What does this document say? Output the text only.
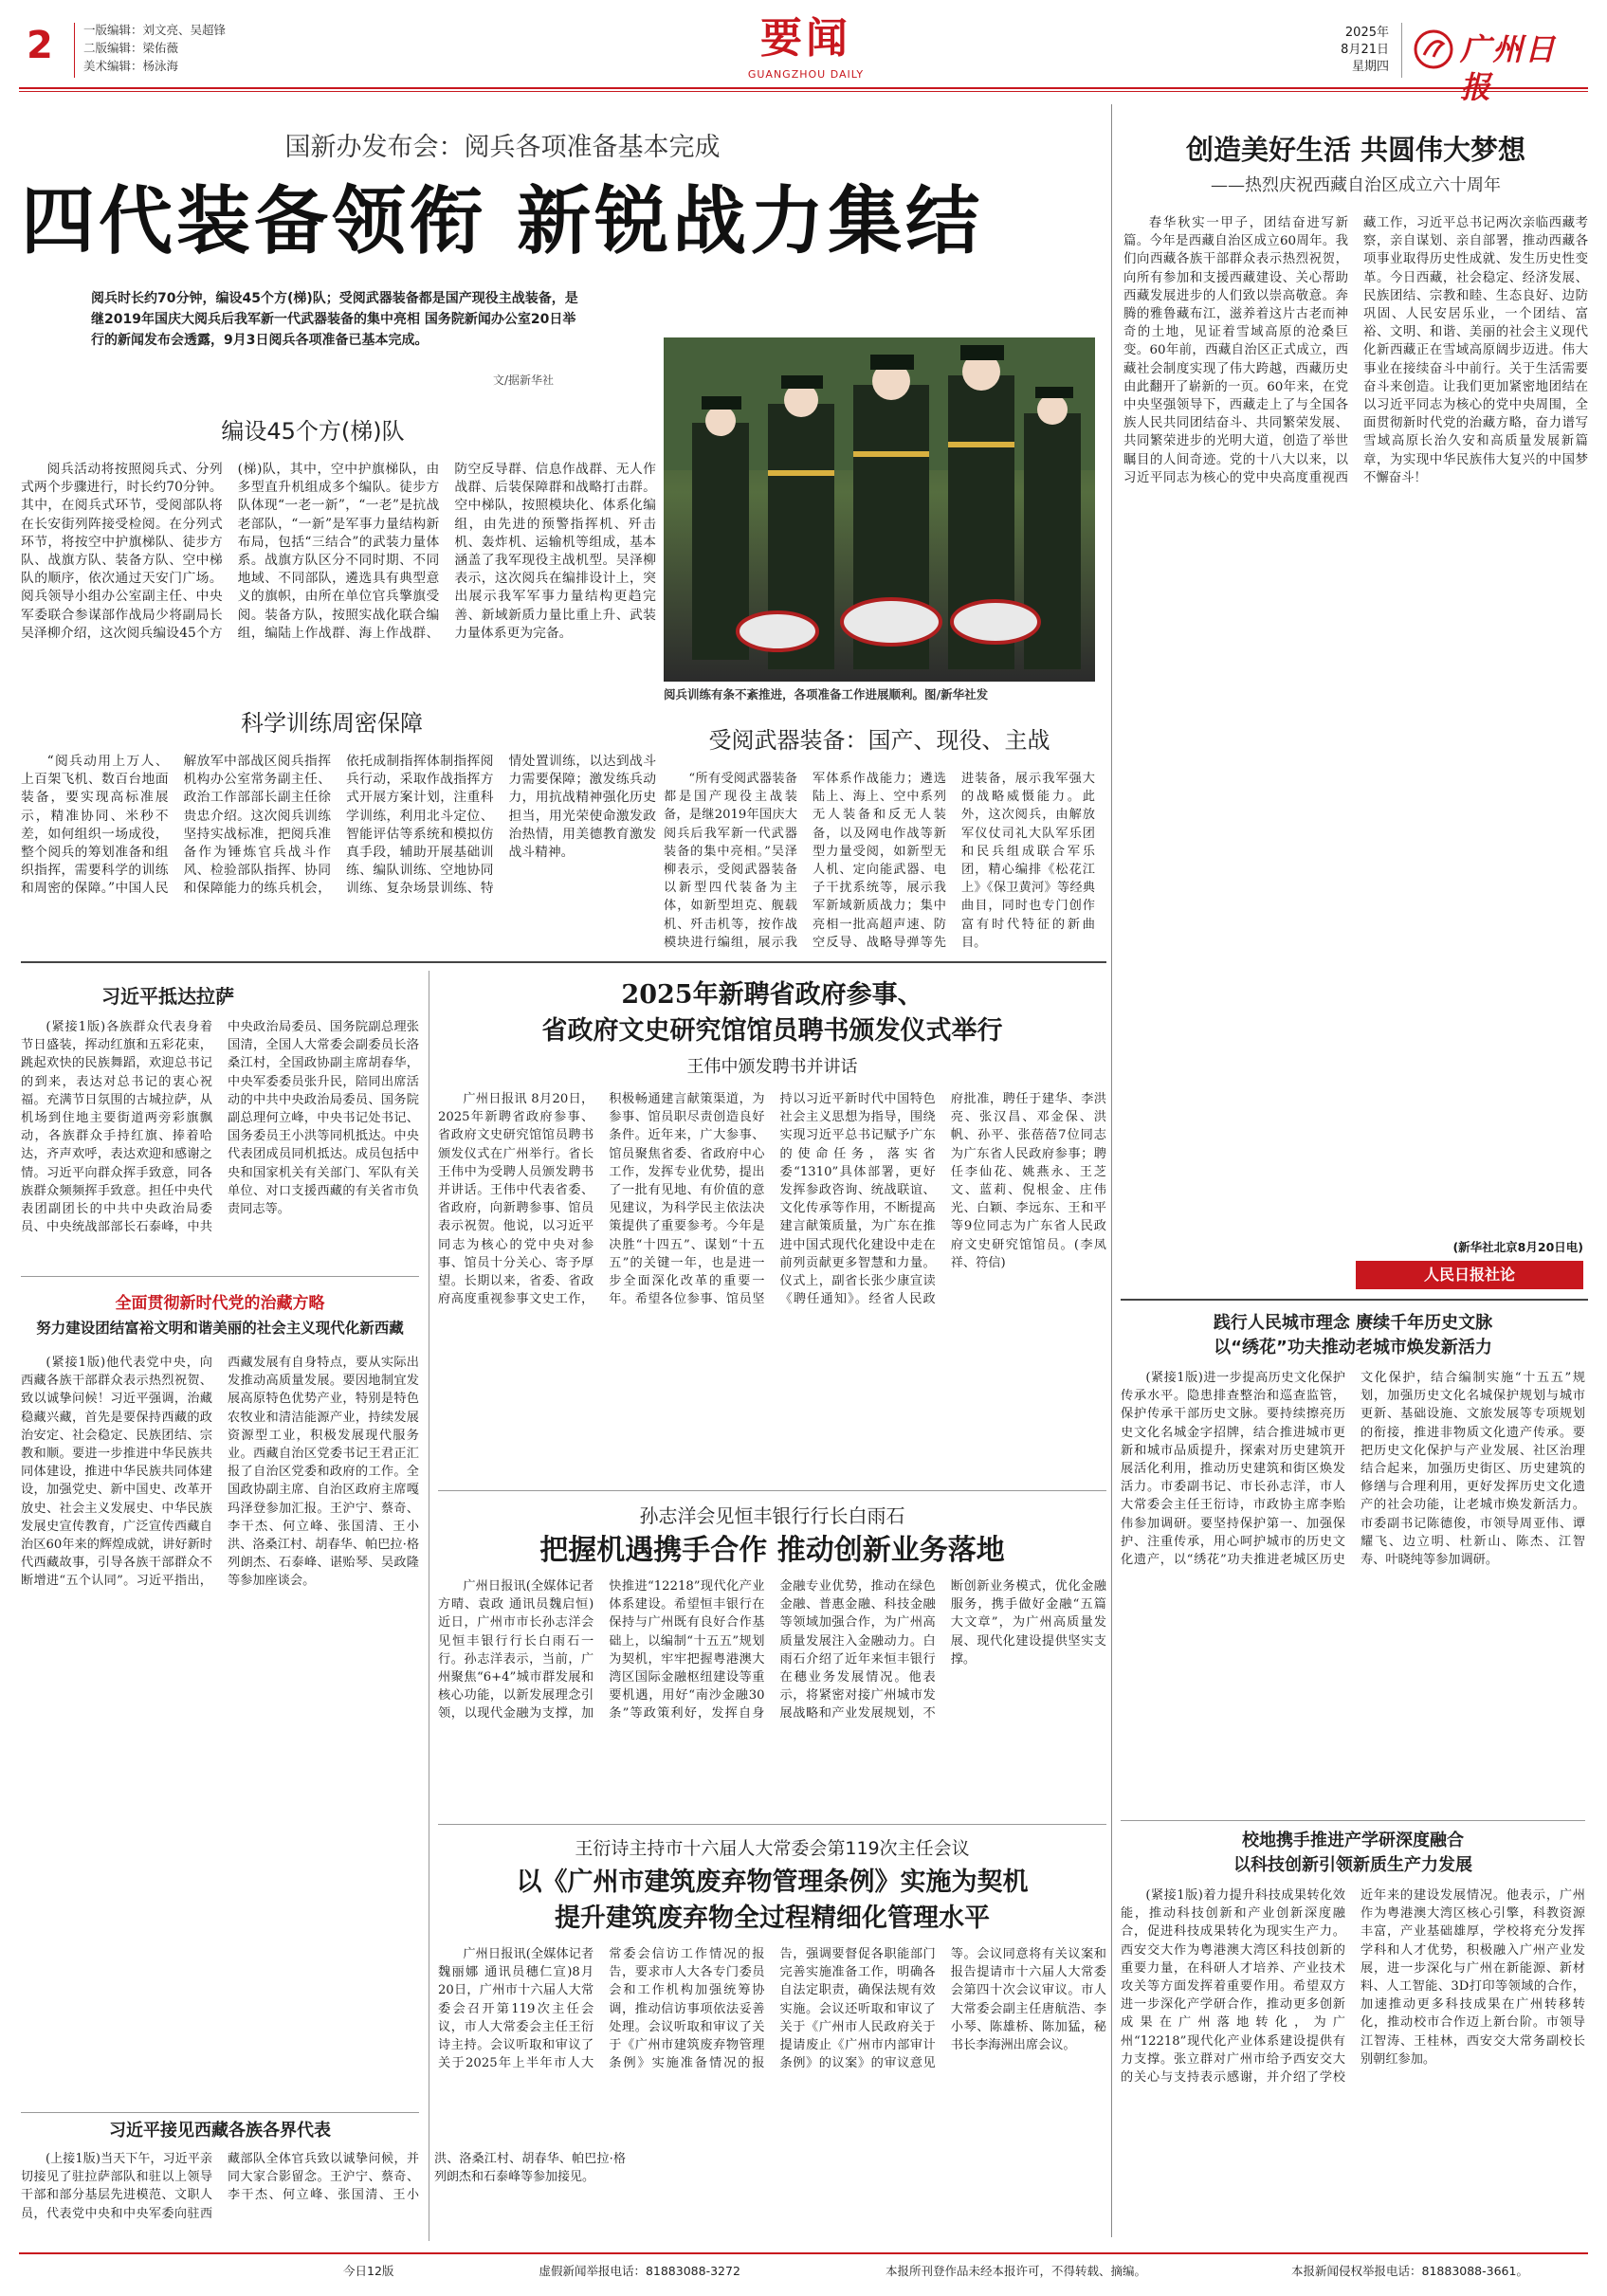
2	一版编辑：刘文亮、吴超锋
二版编辑：梁佑薇
美术编辑：杨泳海
要闻
GUANGZHOU DAILY
2025年
8月21日
星期四 广州日
国新办发布会：阅兵各项准备基本完成
四代装备领衔 新锐战力集结
阅兵时长约70分钟，编设45个方(梯)队；受阅武器装备都是国产现役主战装备，是继2019年国庆大阅兵后我军新一代武器装备的集中亮相 国务院新闻办公室20日举行的新闻发布会透露，9月3日阅兵各项准备已基本完成。
文/据新华社
阅兵训练有条不紊推进，各项准备工作进展顺利。图/新华社发
编设45个方(梯)队

阅兵活动将按照阅兵式、分列式两个步骤进行，时长约70分钟。其中，在阅兵式环节，受阅部队将在长安街列阵接受检阅。在分列式环节，将按空中护旗梯队、徒步方队、战旗方队、装备方队、空中梯队的顺序，依次通过天安门广场。阅兵领导小组办公室副主任、中央军委联合参谋部作战局少将副局长吴泽柳介绍，这次阅兵编设45个方(梯)队，其中，空中护旗梯队，由多型直升机组成多个编队。徒步方队体现“一老一新”，“一老”是抗战老部队，“一新”是军事力量结构新布局，包括“三结合”的武装力量体系。战旗方队区分不同时期、不同地域、不同部队，遴选具有典型意义的旗帜，由所在单位官兵擎旗受阅。装备方队，按照实战化联合编组，编陆上作战群、海上作战群、防空反导群、信息作战群、无人作战群、后装保障群和战略打击群。空中梯队，按照模块化、体系化编组，由先进的预警指挥机、歼击机、轰炸机、运输机等组成，基本涵盖了我军现役主战机型。吴泽柳表示，这次阅兵在编排设计上，突出展示我军军事力量结构更趋完善、新域新质力量比重上升、武装力量体系更为完备。

科学训练周密保障

“阅兵动用上万人、上百架飞机、数百台地面装备，要实现高标准展示，精准协同、米秒不差，如何组织一场成役，整个阅兵的筹划准备和组织指挥，需要科学的训练和周密的保障。”中国人民解放军中部战区阅兵指挥机构办公室常务副主任、政治工作部部长副主任徐贵忠介绍。这次阅兵训练坚持实战标准，把阅兵准备作为锤炼官兵战斗作风、检验部队指挥、协同和保障能力的练兵机会，依托成制指挥体制指挥阅兵行动，采取作战指挥方式开展方案计划，注重科学训练，利用北斗定位、智能评估等系统和模拟仿真手段，辅助开展基础训练、编队训练、空地协同训练、复杂场景训练、特情处置训练，以达到战斗力需要保障；激发练兵动力，用抗战精神强化历史担当，用光荣使命激发政治热情，用美德教育激发战斗精神。

受阅武器装备：国产、现役、主战

“所有受阅武器装备都是国产现役主战装备，是继2019年国庆大阅兵后我军新一代武器装备的集中亮相。”吴泽柳表示，受阅武器装备以新型四代装备为主体，如新型坦克、舰载机、歼击机等，按作战模块进行编组，展示我军体系作战能力；遴选陆上、海上、空中系列无人装备和反无人装备，以及网电作战等新型力量受阅，如新型无人机、定向能武器、电子干扰系统等，展示我军新域新质战力；集中亮相一批高超声速、防空反导、战略导弹等先进装备，展示我军强大的战略威慑能力。此外，这次阅兵，由解放军仪仗司礼大队军乐团和民兵组成联合军乐团，精心编排《松花江上》《保卫黄河》等经典曲目，同时也专门创作富有时代特征的新曲目。

创造美好生活 共圆伟大梦想
——热烈庆祝西藏自治区成立六十周年

春华秋实一甲子，团结奋进写新篇。今年是西藏自治区成立60周年。我们向西藏各族干部群众表示热烈祝贺，向所有参加和支援西藏建设、关心帮助西藏发展进步的人们致以崇高敬意。奔腾的雅鲁藏布江，滋养着这片古老而神奇的土地，见证着雪域高原的沧桑巨变。60年前，西藏自治区正式成立，西藏社会制度实现了伟大跨越，西藏历史由此翻开了崭新的一页。60年来，在党中央坚强领导下，西藏走上了与全国各族人民共同团结奋斗、共同繁荣发展、共同繁荣进步的光明大道，创造了举世瞩目的人间奇迹。党的十八大以来，以习近平同志为核心的党中央高度重视西藏工作，习近平总书记两次亲临西藏考察，亲自谋划、亲自部署，推动西藏各项事业取得历史性成就、发生历史性变革。今日西藏，社会稳定、经济发展、民族团结、宗教和睦、生态良好、边防巩固、人民安居乐业，一个团结、富裕、文明、和谐、美丽的社会主义现代化新西藏正在雪域高原阔步迈进。伟大事业在接续奋斗中前行。关于生活需要奋斗来创造。让我们更加紧密地团结在以习近平同志为核心的党中央周围，全面贯彻新时代党的治藏方略，奋力谱写雪域高原长治久安和高质量发展新篇章，为实现中华民族伟大复兴的中国梦不懈奋斗！

(新华社北京8月20日电)
人民日报社论
习近平抵达拉萨

(紧接1版)各族群众代表身着节日盛装，挥动红旗和五彩花束，跳起欢快的民族舞蹈，欢迎总书记的到来，表达对总书记的衷心祝福。充满节日氛围的古城拉萨，从机场到住地主要街道两旁彩旗飘动，各族群众手持红旗、捧着哈达，齐声欢呼，表达欢迎和感谢之情。习近平向群众挥手致意，同各族群众频频挥手致意。担任中央代表团副团长的中共中央政治局委员、中央统战部部长石泰峰，中共中央政治局委员、国务院副总理张国清，全国人大常委会副委员长洛桑江村，全国政协副主席胡春华，中央军委委员张升民，陪同出席活动的中共中央政治局委员、国务院副总理何立峰，中央书记处书记、国务委员王小洪等同机抵达。中央代表团成员同机抵达。成员包括中央和国家机关有关部门、军队有关单位、对口支援西藏的有关省市负责同志等。

全面贯彻新时代党的治藏方略
努力建设团结富裕文明和谐美丽的社会主义现代化新西藏

(紧接1版)他代表党中央，向西藏各族干部群众表示热烈祝贺、致以诚挚问候！习近平强调，治藏稳藏兴藏，首先是要保持西藏的政治安定、社会稳定、民族团结、宗教和顺。要进一步推进中华民族共同体建设，推进中华民族共同体建设，加强党史、新中国史、改革开放史、社会主义发展史、中华民族发展史宣传教育，广泛宣传西藏自治区60年来的辉煌成就，讲好新时代西藏故事，引导各族干部群众不断增进“五个认同”。习近平指出，西藏发展有自身特点，要从实际出发推动高质量发展。要因地制宜发展高原特色优势产业，特别是特色农牧业和清洁能源产业，持续发展资源型工业，积极发展现代服务业。西藏自治区党委书记王君正汇报了自治区党委和政府的工作。全国政协副主席、自治区政府主席嘎玛泽登参加汇报。王沪宁、蔡奇、李干杰、何立峰、张国清、王小洪、洛桑江村、胡春华、帕巴拉·格列朗杰、石泰峰、谌贻琴、吴政隆等参加座谈会。

习近平接见西藏各族各界代表

(上接1版)当天下午，习近平亲切接见了驻拉萨部队和驻以上领导干部和部分基层先进模范、文职人员，代表党中央和中央军委向驻西藏部队全体官兵致以诚挚问候，并同大家合影留念。王沪宁、蔡奇、李干杰、何立峰、张国清、王小洪、洛桑江村、胡春华、帕巴拉·格列朗杰和石泰峰等参加接见。

2025年新聘省政府参事、
省政府文史研究馆馆员聘书颁发仪式举行
王伟中颁发聘书并讲话

广州日报讯 8月20日，2025年新聘省政府参事、省政府文史研究馆馆员聘书颁发仪式在广州举行。省长王伟中为受聘人员颁发聘书并讲话。王伟中代表省委、省政府，向新聘参事、馆员表示祝贺。他说，以习近平同志为核心的党中央对参事、馆员十分关心、寄予厚望。长期以来，省委、省政府高度重视参事文史工作，积极畅通建言献策渠道，为参事、馆员职尽责创造良好条件。近年来，广大参事、馆员聚焦省委、省政府中心工作，发挥专业优势，提出了一批有见地、有价值的意见建议，为科学民主依法决策提供了重要参考。今年是决胜“十四五”、谋划“十五五”的关键一年，也是进一步全面深化改革的重要一年。希望各位参事、馆员坚持以习近平新时代中国特色社会主义思想为指导，围绕实现习近平总书记赋予广东的使命任务，落实省委“1310”具体部署，更好发挥参政咨询、统战联谊、文化传承等作用，不断提高建言献策质量，为广东在推进中国式现代化建设中走在前列贡献更多智慧和力量。仪式上，副省长张少康宣读《聘任通知》。经省人民政府批准，聘任于建华、李洪亮、张汉昌、邓金保、洪帆、孙平、张蓓蓓7位同志为广东省人民政府参事；聘任李仙花、姚燕永、王芝文、蓝莉、倪根金、庄伟光、白颖、李远东、王和平等9位同志为广东省人民政府文史研究馆馆员。(李凤祥、符信)

孙志洋会见恒丰银行行长白雨石
把握机遇携手合作 推动创新业务落地

广州日报讯(全媒体记者方晴、袁政 通讯员魏启恒)近日，广州市市长孙志洋会见恒丰银行行长白雨石一行。孙志洋表示，当前，广州聚焦“6+4”城市群发展和核心功能，以新发展理念引领，以现代金融为支撑，加快推进“12218”现代化产业体系建设。希望恒丰银行在保持与广州既有良好合作基础上，以编制“十五五”规划为契机，牢牢把握粤港澳大湾区国际金融枢纽建设等重要机遇，用好“南沙金融30条”等政策利好，发挥自身金融专业优势，推动在绿色金融、普惠金融、科技金融等领域加强合作，为广州高质量发展注入金融动力。白雨石介绍了近年来恒丰银行在穗业务发展情况。他表示，将紧密对接广州城市发展战略和产业发展规划，不断创新业务模式，优化金融服务，携手做好金融“五篇大文章”，为广州高质量发展、现代化建设提供坚实支撑。

王衍诗主持市十六届人大常委会第119次主任会议
以《广州市建筑废弃物管理条例》实施为契机
提升建筑废弃物全过程精细化管理水平

广州日报讯(全媒体记者魏丽娜 通讯员穗仁宣)8月20日，广州市十六届人大常委会召开第119次主任会议，市人大常委会主任王衍诗主持。会议听取和审议了关于2025年上半年市人大常委会信访工作情况的报告，要求市人大各专门委员会和工作机构加强统筹协调，推动信访事项依法妥善处理。会议听取和审议了关于《广州市建筑废弃物管理条例》实施准备情况的报告，强调要督促各职能部门完善实施准备工作，明确各自法定职责，确保法规有效实施。会议还听取和审议了关于《广州市人民政府关于提请废止《广州市内部审计条例》的议案》的审议意见等。会议同意将有关议案和报告提请市十六届人大常委会第四十次会议审议。市人大常委会副主任唐航浩、李小琴、陈雄桥、陈加猛，秘书长李海洲出席会议。

践行人民城市理念 赓续千年历史文脉
以“绣花”功夫推动老城市焕发新活力

(紧接1版)进一步提高历史文化保护传承水平。隐患排查整治和巡查监管，保护传承干部历史文脉。要持续擦亮历史文化名城金字招牌，结合推进城市更新和城市品质提升，探索对历史建筑开展活化利用，推动历史建筑和街区焕发活力。市委副书记、市长孙志洋，市人大常委会主任王衍诗，市政协主席李贻伟参加调研。要坚持保护第一、加强保护、注重传承，用心呵护城市的历史文化遗产，以“绣花”功夫推进老城区历史文化保护，结合编制实施“十五五”规划，加强历史文化名城保护规划与城市更新、基础设施、文旅发展等专项规划的衔接，推进非物质文化遗产传承。要把历史文化保护与产业发展、社区治理结合起来，加强历史街区、历史建筑的修缮与合理利用，更好发挥历史文化遗产的社会功能，让老城市焕发新活力。市委副书记陈德俊，市领导周亚伟、谭耀飞、边立明、杜新山、陈杰、江智寿、叶晓纯等参加调研。

校地携手推进产学研深度融合
以科技创新引领新质生产力发展

(紧接1版)着力提升科技成果转化效能，推动科技创新和产业创新深度融合，促进科技成果转化为现实生产力。西安交大作为粤港澳大湾区科技创新的重要力量，在科研人才培养、产业技术攻关等方面发挥着重要作用。希望双方进一步深化产学研合作，推动更多创新成果在广州落地转化，为广州“12218”现代化产业体系建设提供有力支撑。张立群对广州市给予西安交大的关心与支持表示感谢，并介绍了学校近年来的建设发展情况。他表示，广州作为粤港澳大湾区核心引擎，科教资源丰富，产业基础雄厚，学校将充分发挥学科和人才优势，积极融入广州产业发展，进一步深化与广州在新能源、新材料、人工智能、3D打印等领域的合作，加速推动更多科技成果在广州转移转化，推动校市合作迈上新台阶。市领导江智涛、王桂林，西安交大常务副校长别朝红参加。

今日12版	虚假新闻举报电话：81883088-3272	本报所刊登作品未经本报许可，不得转载、摘编。	本报新闻侵权举报电话：81883088-3661。
